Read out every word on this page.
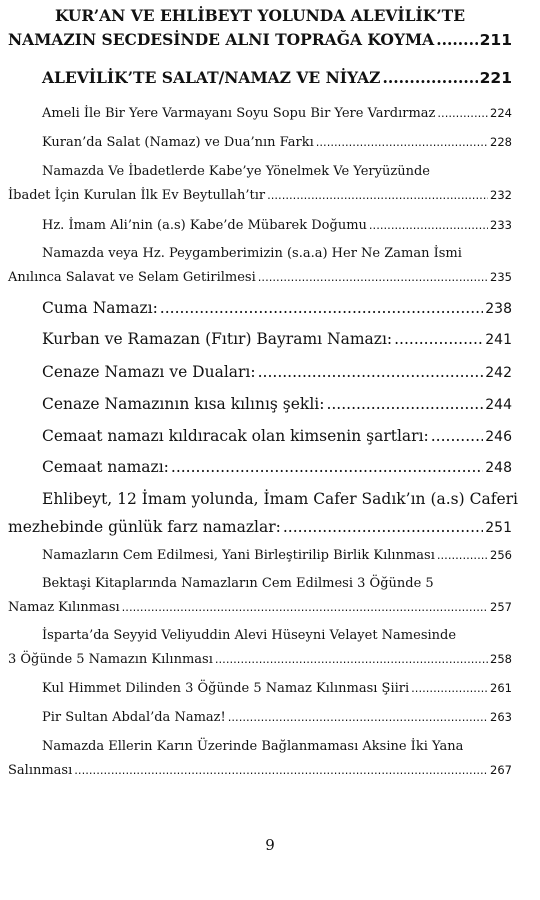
KUR’AN VE EHLİBEYT YOLUNDA ALEVİLİK’TE
NAMAZIN SECDESİNDE ALNI TOPRAĞA KOYMA .....	211
ALEVİLİK’TE SALAT/NAMAZ VE NİYAZ .....	221
Ameli İle Bir Yere Varmayanı Soyu Sopu Bir Yere Vardırmaz .....	224
Kuran’da Salat (Namaz) ve Dua’nın Farkı .....	228
Namazda Ve İbadetlerde Kabe’ye Yönelmek Ve Yeryüzünde
İbadet İçin Kurulan İlk Ev Beytullah’tır .....	232
Hz. İmam Ali’nin (a.s) Kabe’de Mübarek Doğumu .....	233
Namazda veya Hz. Peygamberimizin (s.a.a) Her Ne Zaman İsmi
Anılınca Salavat ve Selam Getirilmesi .....	235
Cuma Namazı: .....	238
Kurban ve Ramazan (Fıtır) Bayramı Namazı: .....	241
Cenaze Namazı ve Duaları: .....	242
Cenaze Namazının kısa kılınış şekli: .....	244
Cemaat namazı kıldıracak olan kimsenin şartları: .....	246
Cemaat namazı: .....	248
Ehlibeyt, 12 İmam yolunda, İmam Cafer Sadık’ın (a.s) Caferi
mezhebinde günlük farz namazlar: .....	251
Namazların Cem Edilmesi, Yani Birleştirilip Birlik Kılınması .....	256
Bektaşi Kitaplarında Namazların Cem Edilmesi 3 Öğünde 5
Namaz Kılınması .....	257
İsparta’da Seyyid Veliyuddin Alevi Hüseyni Velayet Namesinde
3 Öğünde 5 Namazın Kılınması .....	258
Kul Himmet Dilinden 3 Öğünde 5 Namaz Kılınması Şiiri .....	261
Pir Sultan Abdal’da Namaz! .....	263
Namazda Ellerin Karın Üzerinde Bağlanmaması Aksine İki Yana
Salınması .....	267
9
